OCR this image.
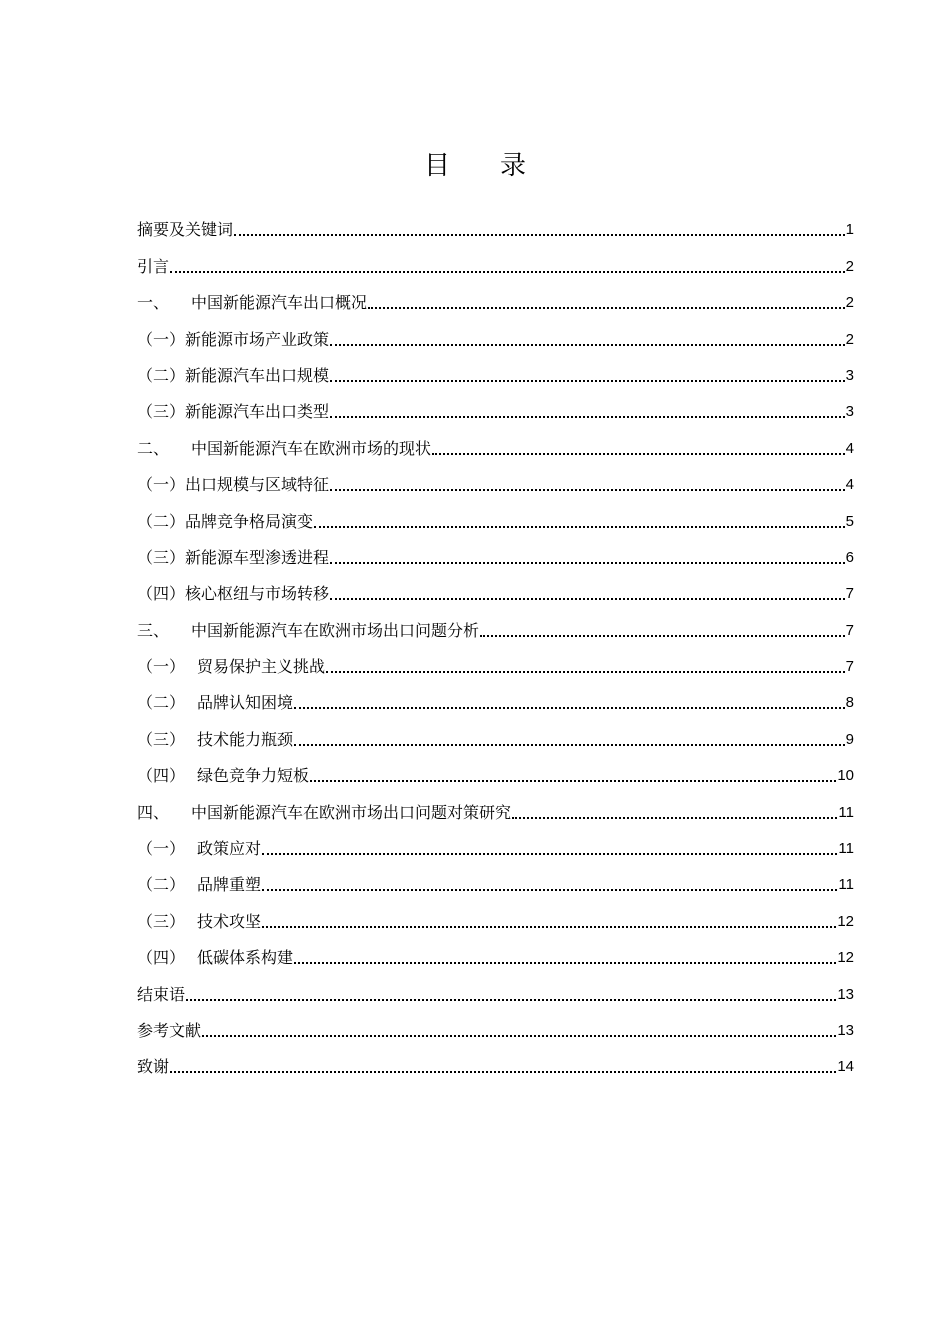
目 录
摘要及关键词	1
引言	2
一、 中国新能源汽车出口概况	2
（一）新能源市场产业政策	2
（二）新能源汽车出口规模	3
（三）新能源汽车出口类型	3
二、 中国新能源汽车在欧洲市场的现状	4
（一）出口规模与区域特征	4
（二）品牌竞争格局演变	5
（三）新能源车型渗透进程	6
（四）核心枢纽与市场转移	7
三、 中国新能源汽车在欧洲市场出口问题分析	7
（一） 贸易保护主义挑战	7
（二） 品牌认知困境	8
（三） 技术能力瓶颈	9
（四） 绿色竞争力短板	10
四、 中国新能源汽车在欧洲市场出口问题对策研究	11
（一） 政策应对	11
（二） 品牌重塑	11
（三） 技术攻坚	12
（四） 低碳体系构建	12
结束语	13
参考文献	13
致谢	14
